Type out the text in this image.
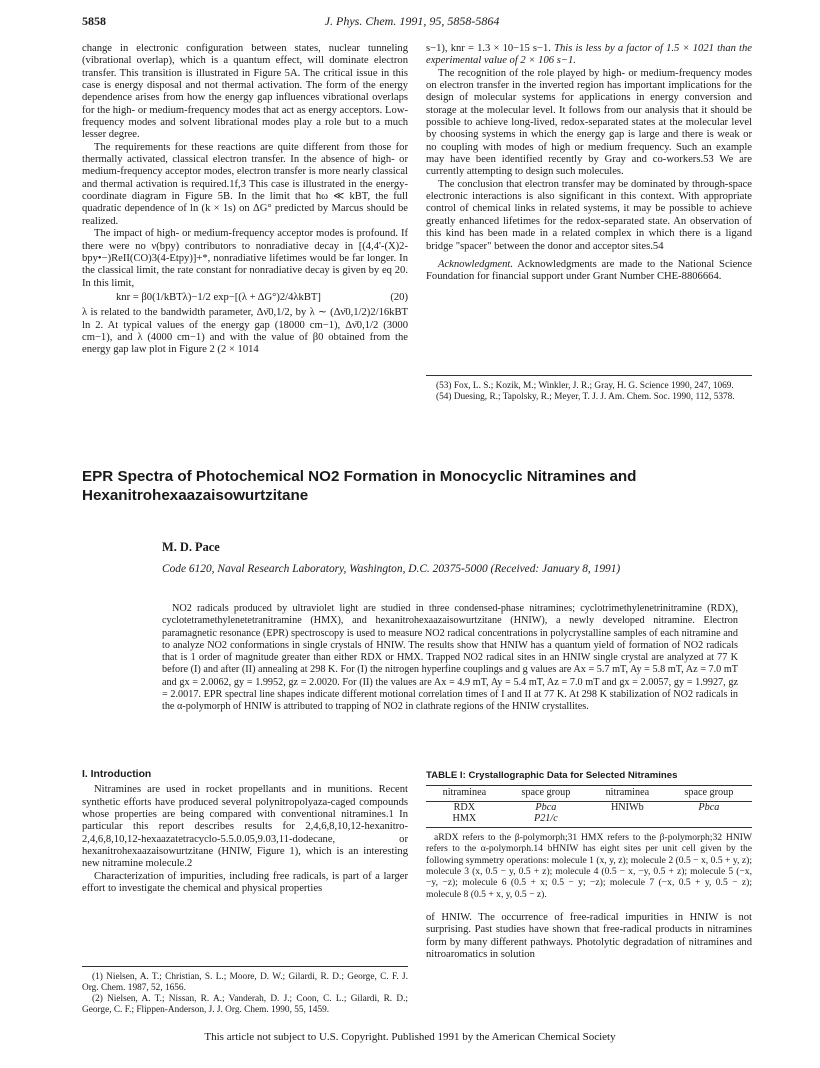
5858	J. Phys. Chem. 1991, 95, 5858-5864

change in electronic configuration between states, nuclear tunneling (vibrational overlap), which is a quantum effect, will dominate electron transfer. This transition is illustrated in Figure 5A. The critical issue in this case is energy disposal and not thermal activation. The form of the energy dependence arises from how the energy gap influences vibrational overlaps for the high- or medium-frequency modes that act as energy acceptors. Low-frequency modes and solvent librational modes play a role but to a much lesser degree.

The requirements for these reactions are quite different from those for thermally activated, classical electron transfer. In the absence of high- or medium-frequency acceptor modes, electron transfer is more nearly classical and thermal activation is required.1f,3 This case is illustrated in the energy-coordinate diagram in Figure 5B. In the limit that ħω ≪ kBT, the full quadratic dependence of ln (k × 1s) on ΔG° predicted by Marcus should be realized.

The impact of high- or medium-frequency acceptor modes is profound. If there were no ν(bpy) contributors to nonradiative decay in [(4,4'-(X)2-bpy•−)ReII(CO)3(4-Etpy)]+*, nonradiative lifetimes would be far longer. In the classical limit, the rate constant for nonradiative decay is given by eq 20. In this limit,

knr = β0(1/kBTλ)−1/2 exp−[(λ + ΔG°)2/4λkBT]	(20)

λ is related to the bandwidth parameter, Δν̄0,1/2, by λ ∼ (Δν̄0,1/2)2/16kBT ln 2. At typical values of the energy gap (18000 cm−1), Δν̄0,1/2 (3000 cm−1), and λ (4000 cm−1) and with the value of β0 obtained from the energy gap law plot in Figure 2 (2 × 1014

s−1), knr = 1.3 × 10−15 s−1. This is less by a factor of 1.5 × 1021 than the experimental value of 2 × 106 s−1.

The recognition of the role played by high- or medium-frequency modes on electron transfer in the inverted region has important implications for the design of molecular systems for applications in energy conversion and storage at the molecular level. It follows from our analysis that it should be possible to achieve long-lived, redox-separated states at the molecular level by choosing systems in which the energy gap is large and there is weak or no coupling with modes of high or medium frequency. Such an example may have been identified recently by Gray and co-workers.53 We are currently attempting to design such molecules.

The conclusion that electron transfer may be dominated by through-space electronic interactions is also significant in this context. With appropriate control of chemical links in related systems, it may be possible to achieve greatly enhanced lifetimes for the redox-separated state. An observation of this kind has been made in a related complex in which there is a ligand bridge "spacer" between the donor and acceptor sites.54

Acknowledgment. Acknowledgments are made to the National Science Foundation for financial support under Grant Number CHE-8806664.

(53) Fox, L. S.; Kozik, M.; Winkler, J. R.; Gray, H. G. Science 1990, 247, 1069.

(54) Duesing, R.; Tapolsky, R.; Meyer, T. J. J. Am. Chem. Soc. 1990, 112, 5378.

EPR Spectra of Photochemical NO2 Formation in Monocyclic Nitramines and Hexanitrohexaazaisowurtzitane
M. D. Pace
Code 6120, Naval Research Laboratory, Washington, D.C. 20375-5000 (Received: January 8, 1991)

NO2 radicals produced by ultraviolet light are studied in three condensed-phase nitramines; cyclotrimethylenetrinitramine (RDX), cyclotetramethylenetetranitramine (HMX), and hexanitrohexaazaisowurtzitane (HNIW), a newly developed nitramine. Electron paramagnetic resonance (EPR) spectroscopy is used to measure NO2 radical concentrations in polycrystalline samples of each nitramine and to analyze NO2 conformations in single crystals of HNIW. The results show that HNIW has a quantum yield of formation of NO2 radicals that is 1 order of magnitude greater than either RDX or HMX. Trapped NO2 radical sites in an HNIW single crystal are analyzed at 77 K before (I) and after (II) annealing at 298 K. For (I) the nitrogen hyperfine couplings and g values are Ax = 5.7 mT, Ay = 5.8 mT, Az = 7.0 mT and gx = 2.0062, gy = 1.9952, gz = 2.0020. For (II) the values are Ax = 4.9 mT, Ay = 5.4 mT, Az = 7.0 mT and gx = 2.0057, gy = 1.9927, gz = 2.0017. EPR spectral line shapes indicate different motional correlation times of I and II at 77 K. At 298 K stabilization of NO2 radicals in the α-polymorph of HNIW is attributed to trapping of NO2 in clathrate regions of the HNIW crystallites.

I. Introduction

Nitramines are used in rocket propellants and in munitions. Recent synthetic efforts have produced several polynitropolyaza-caged compounds whose properties are being compared with conventional nitramines.1 In particular this report describes results for 2,4,6,8,10,12-hexanitro-2,4,6,8,10,12-hexaazatetracyclo-5.5.0.05,9.03,11-dodecane, or hexanitrohexaazaisowurtzitane (HNIW, Figure 1), which is an interesting new nitramine molecule.2

Characterization of impurities, including free radicals, is part of a larger effort to investigate the chemical and physical properties

(1) Nielsen, A. T.; Christian, S. L.; Moore, D. W.; Gilardi, R. D.; George, C. F. J. Org. Chem. 1987, 52, 1656.

(2) Nielsen, A. T.; Nissan, R. A.; Vanderah, D. J.; Coon, C. L.; Gilardi, R. D.; George, C. F.; Flippen-Anderson, J. J. Org. Chem. 1990, 55, 1459.

TABLE I: Crystallographic Data for Selected Nitramines
nitraminea	space group	nitraminea	space group
RDX	Pbca	HNIWb	Pbca
HMX	P21/c		

aRDX refers to the β-polymorph;31 HMX refers to the β-polymorph;32 HNIW refers to the α-polymorph.14 bHNIW has eight sites per unit cell given by the following symmetry operations: molecule 1 (x, y, z); molecule 2 (0.5 − x, 0.5 + y, z); molecule 3 (x, 0.5 − y, 0.5 + z); molecule 4 (0.5 − x, −y, 0.5 + z); molecule 5 (−x, −y, −z); molecule 6 (0.5 + x; 0.5 − y; −z); molecule 7 (−x, 0.5 + y, 0.5 − z); molecule 8 (0.5 + x, y, 0.5 − z).

of HNIW. The occurrence of free-radical impurities in HNIW is not surprising. Past studies have shown that free-radical products in nitramines form by many different pathways. Photolytic degradation of nitramines and nitroaromatics in solution

This article not subject to U.S. Copyright. Published 1991 by the American Chemical Society
